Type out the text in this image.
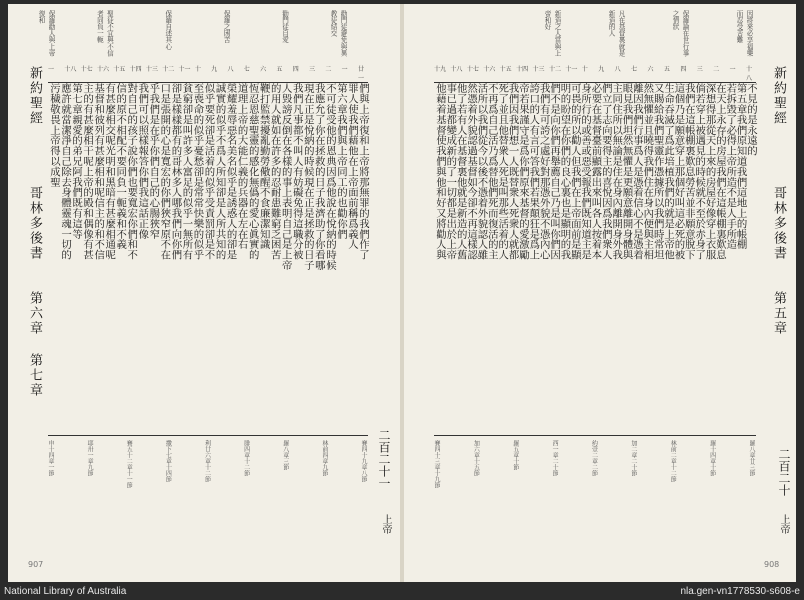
勸門徒避免與異教徒結交
勸門徒自愛
保羅之困苦
保羅自述其心
聖徒不宜與不信者同負一軛
保羅勸人與上帝復和
廿一
一
二
三
四
五
六
七
八
九
十
十一
十二
十三
十四
十五
十六
十七
十八
一
們與上帝復和上帝將那無罪的我們作了
罪人使我們藉他在上帝面前稱爲義人
第六章我們與上帝同工的也勸你們
不可徒受他的恩典因爲他說在悅納的時候
我應允了你在拯救的日子我濟助了你看哪
現在正是悅納的時候現在正是拯救的日子
我們凡事都不叫人有妨礙免得這職分被
人毀謗反倒在各樣的事上表明自己是上帝
的用人就如在許多的忍耐患難窮乏困苦
鞭打監禁擾亂勤勞儆醒不食廉潔知識
恆忍恩慈聖靈的感化無僞的愛心眞實的
道理上帝的大能仁義的兵器在左在右
榮耀羞辱惡名美名似乎是誘惑人的卻是
誠實的似乎不爲人所知卻是人所共知的
似乎要死卻是活着的似乎受責罰卻是不
至喪命的似乎憂愁卻是常常快樂的似乎
貧窮卻是叫許多人富足的似乎一無所有
卻是樣樣都有的哥林多人哪我們向你們
口是張開的心是寬宏的你們狹窄原不在
乎我們是在乎你們自己的心腸狹窄
我們可以照樣報答你們我這話正像
對自己的孩子說你們也要寬宏你們和不
信的原不相配不要同負一軛義和不義
有甚麼相交呢光明和黑暗有甚麼相通呢
基督和彼列有甚麼相和呢信主的和不信
主的有甚麼相干呢上帝的殿和偶像有甚
第七章親愛的弟兄阿我們既有這等
應許就當潔淨自己除去身體靈魂一切的
污穢敬畏上帝得以成聖
賽四十九章八節
林前四章九節
羅八章三節
腓四章十二節
利廿六章十二節
撒下七章十四節
賽五十二章十一節
耶卅一章九節
申十四章一節
新約聖經哥林多後書第六章 第七章
二百二十一
上帝
907
因將來必享福樂而忍受苦難
保羅論在世行事之情狀
凡在基督裏就是新造的人
新造之人當與上帝和好
十八
一
二
三
四
五
六
七
八
九
十
十一
十二
十三
十四
十五
十六
十七
十八
十九
不見的是永遠的
第五章我們原知道我們這地上的帳棚
若拆毀了必得上帝所造不是人手所造
在天上永存的房屋我們在這帳棚裏歎息
深想得那從天上來的房屋好像穿上衣服
倘若穿上被遇見的時候就不至於赤身了
我們在這帳棚裏歎息勞苦並非願意脫下
這個乃是願意穿上那個好叫這必死的被
生命吞滅了爲此培植我們的就是上帝他
又賜給我們聖靈作憑據所以我們時常坦
然無懼並且曉得我們住在身內便與主相
離因我們行事爲人是憑着信心不是憑着
眼見我們坦然無懼是更願意離開身體與
主同住所以無論是住在身內離開身外我
們立了志向要得主的喜悅因爲我們衆人
必要在基督臺前顯露出來叫各人按着本
身所行的或善或惡受報我們既知道主是
可畏的所以勸人但我們在上帝面前是顯
明的盼望在你們的良心裏也是顯明的我
們不是向你們再舉薦自己乃是叫你們因
我們有可誇之處好對那憑外貌不憑內心
誇口的人有言可答我們若果顛狂是爲上
帝若果謹守是爲你們原來基督的愛激勵
我們因我們想一人既替衆人死衆人就都
死了並且他替衆人死是叫那些活着的人
不再爲自己活乃爲替他們死而復活的主
活所以我們從今以後不憑着外貌認人雖
然憑着外貌認過基督如今卻不再這樣認
他了若有人在基督裏他就是新造的人舊
事已過都變成新的了一切都是出於上帝
他藉着基督使我們與他和好又將勸人與
羅八章廿三節
羅十四章十節
林前二章十二節
加二章二十節
約壹二章二節
西一章二十節
羅五章十節
加六章十五節
賽四十三章十九節
新約聖經哥林多後書第五章
二百二十
上帝
908
National Library of Australia	nla.gen-vn1778530-s608-e
